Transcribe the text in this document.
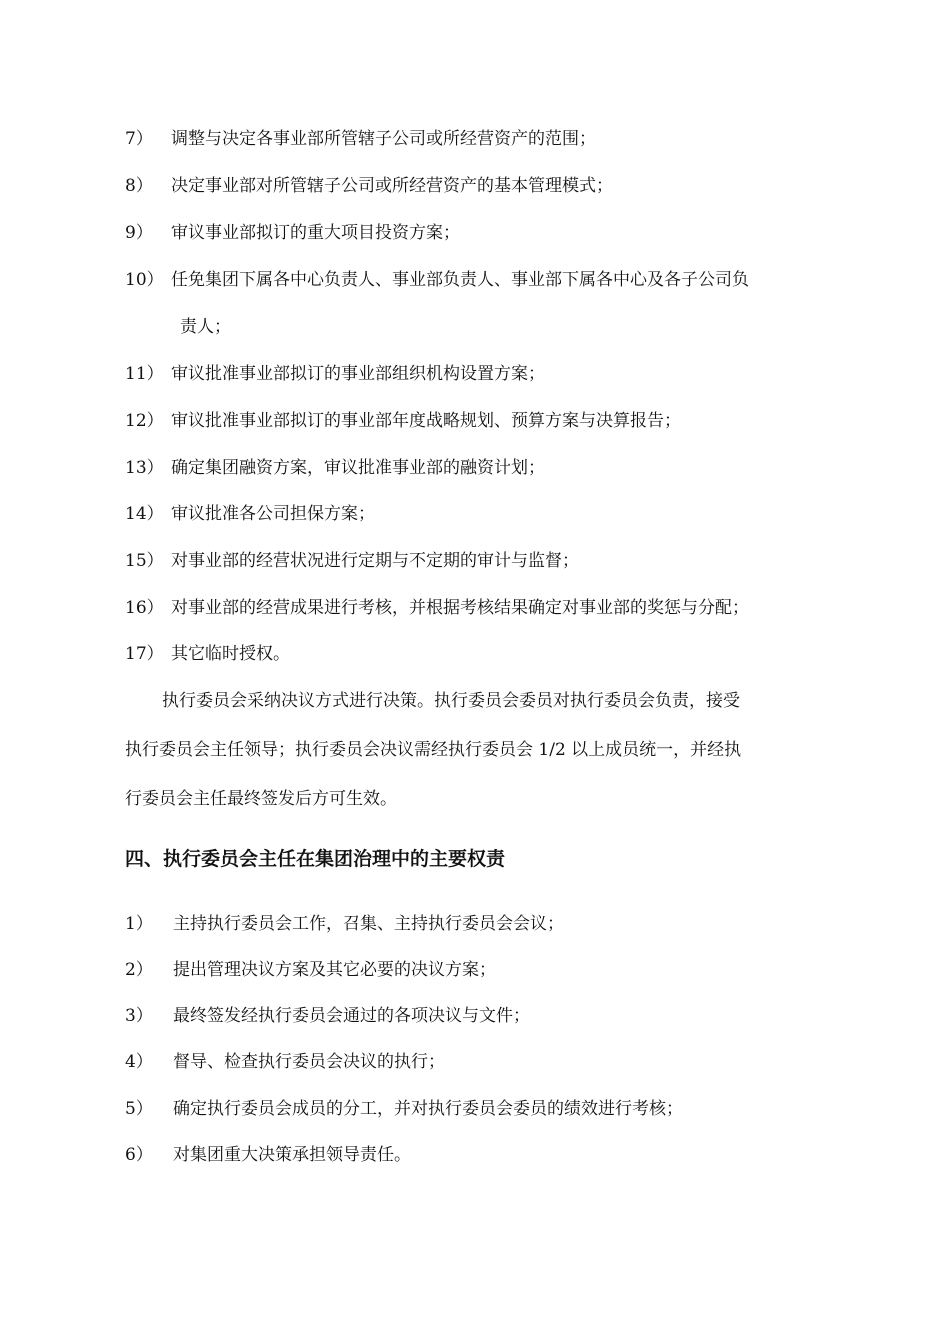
7） 调整与决定各事业部所管辖子公司或所经营资产的范围；
8） 决定事业部对所管辖子公司或所经营资产的基本管理模式；
9） 审议事业部拟订的重大项目投资方案；
10） 任免集团下属各中心负责人、事业部负责人、事业部下属各中心及各子公司负
责人；
11） 审议批准事业部拟订的事业部组织机构设置方案；
12） 审议批准事业部拟订的事业部年度战略规划、预算方案与决算报告；
13） 确定集团融资方案，审议批准事业部的融资计划；
14） 审议批准各公司担保方案；
15） 对事业部的经营状况进行定期与不定期的审计与监督；
16） 对事业部的经营成果进行考核，并根据考核结果确定对事业部的奖惩与分配；
17） 其它临时授权。
执行委员会采纳决议方式进行决策。执行委员会委员对执行委员会负责，接受
执行委员会主任领导；执行委员会决议需经执行委员会 1/2 以上成员统一，并经执
行委员会主任最终签发后方可生效。
四、执行委员会主任在集团治理中的主要权责
1） 主持执行委员会工作，召集、主持执行委员会会议；
2） 提出管理决议方案及其它必要的决议方案；
3） 最终签发经执行委员会通过的各项决议与文件；
4） 督导、检查执行委员会决议的执行；
5） 确定执行委员会成员的分工，并对执行委员会委员的绩效进行考核；
6） 对集团重大决策承担领导责任。
